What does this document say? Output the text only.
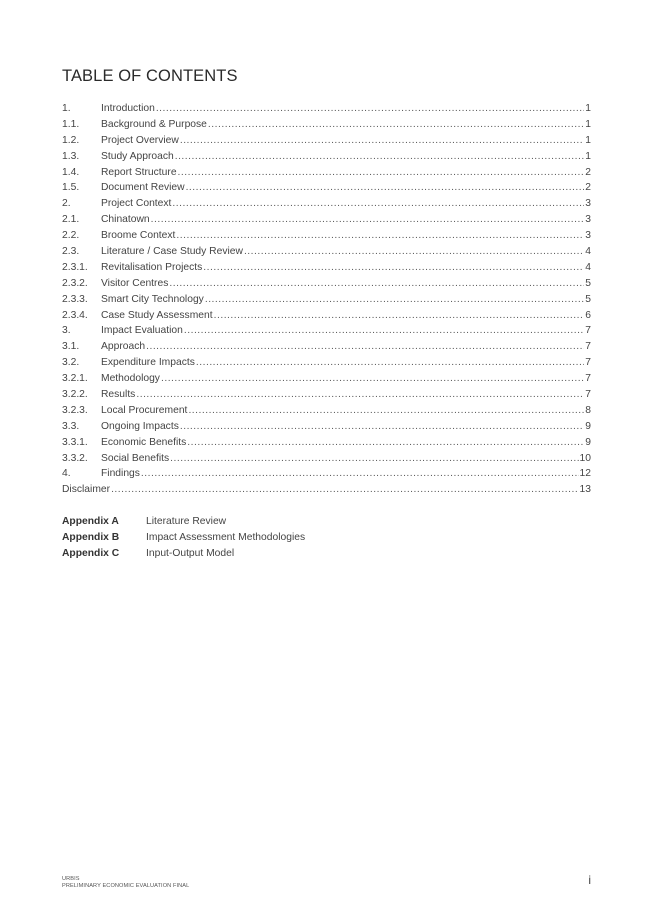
TABLE OF CONTENTS
1.	Introduction .....	1
1.1.	Background & Purpose .....	1
1.2.	Project Overview .....	1
1.3.	Study Approach .....	1
1.4.	Report Structure .....	2
1.5.	Document Review .....	2
2.	Project Context .....	3
2.1.	Chinatown .....	3
2.2.	Broome Context .....	3
2.3.	Literature / Case Study Review .....	4
2.3.1.	Revitalisation Projects .....	4
2.3.2.	Visitor Centres .....	5
2.3.3.	Smart City Technology .....	5
2.3.4.	Case Study Assessment .....	6
3.	Impact Evaluation .....	7
3.1.	Approach .....	7
3.2.	Expenditure Impacts .....	7
3.2.1.	Methodology .....	7
3.2.2.	Results .....	7
3.2.3.	Local Procurement .....	8
3.3.	Ongoing Impacts .....	9
3.3.1.	Economic Benefits .....	9
3.3.2.	Social Benefits .....	10
4.	Findings .....	12
Disclaimer .....	13
Appendix A	Literature Review
Appendix B	Impact Assessment Methodologies
Appendix C	Input-Output Model
URBIS
PRELIMINARY ECONOMIC EVALUATION FINAL	i
